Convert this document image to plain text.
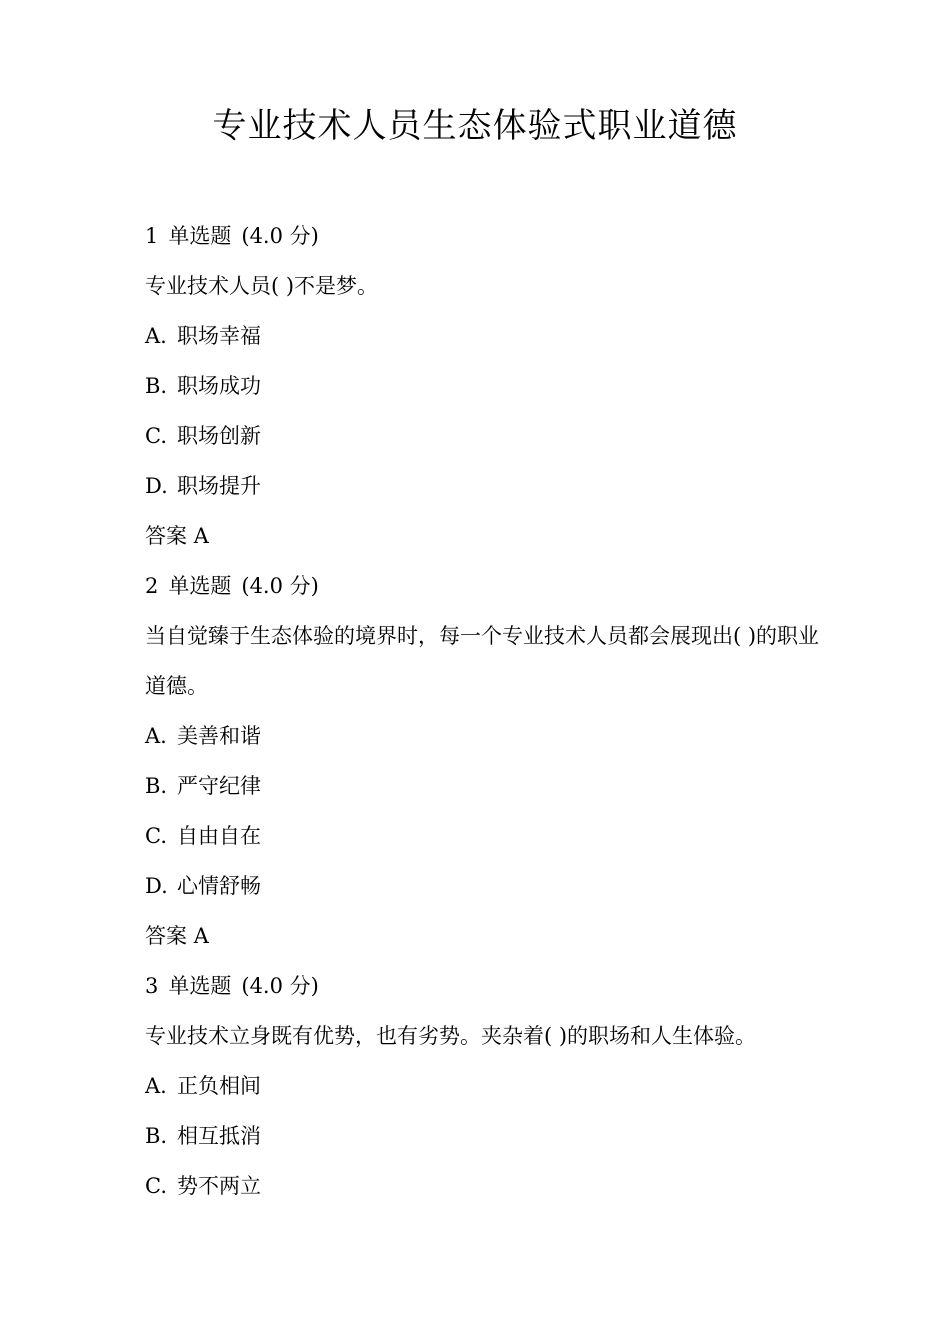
专业技术人员生态体验式职业道德
1 单选题 (4.0 分)
专业技术人员( )不是梦。
A. 职场幸福
B. 职场成功
C. 职场创新
D. 职场提升
答案 A
2 单选题 (4.0 分)
当自觉臻于生态体验的境界时，每一个专业技术人员都会展现出( )的职业道德。
A. 美善和谐
B. 严守纪律
C. 自由自在
D. 心情舒畅
答案 A
3 单选题 (4.0 分)
专业技术立身既有优势，也有劣势。夹杂着( )的职场和人生体验。
A. 正负相间
B. 相互抵消
C. 势不两立
